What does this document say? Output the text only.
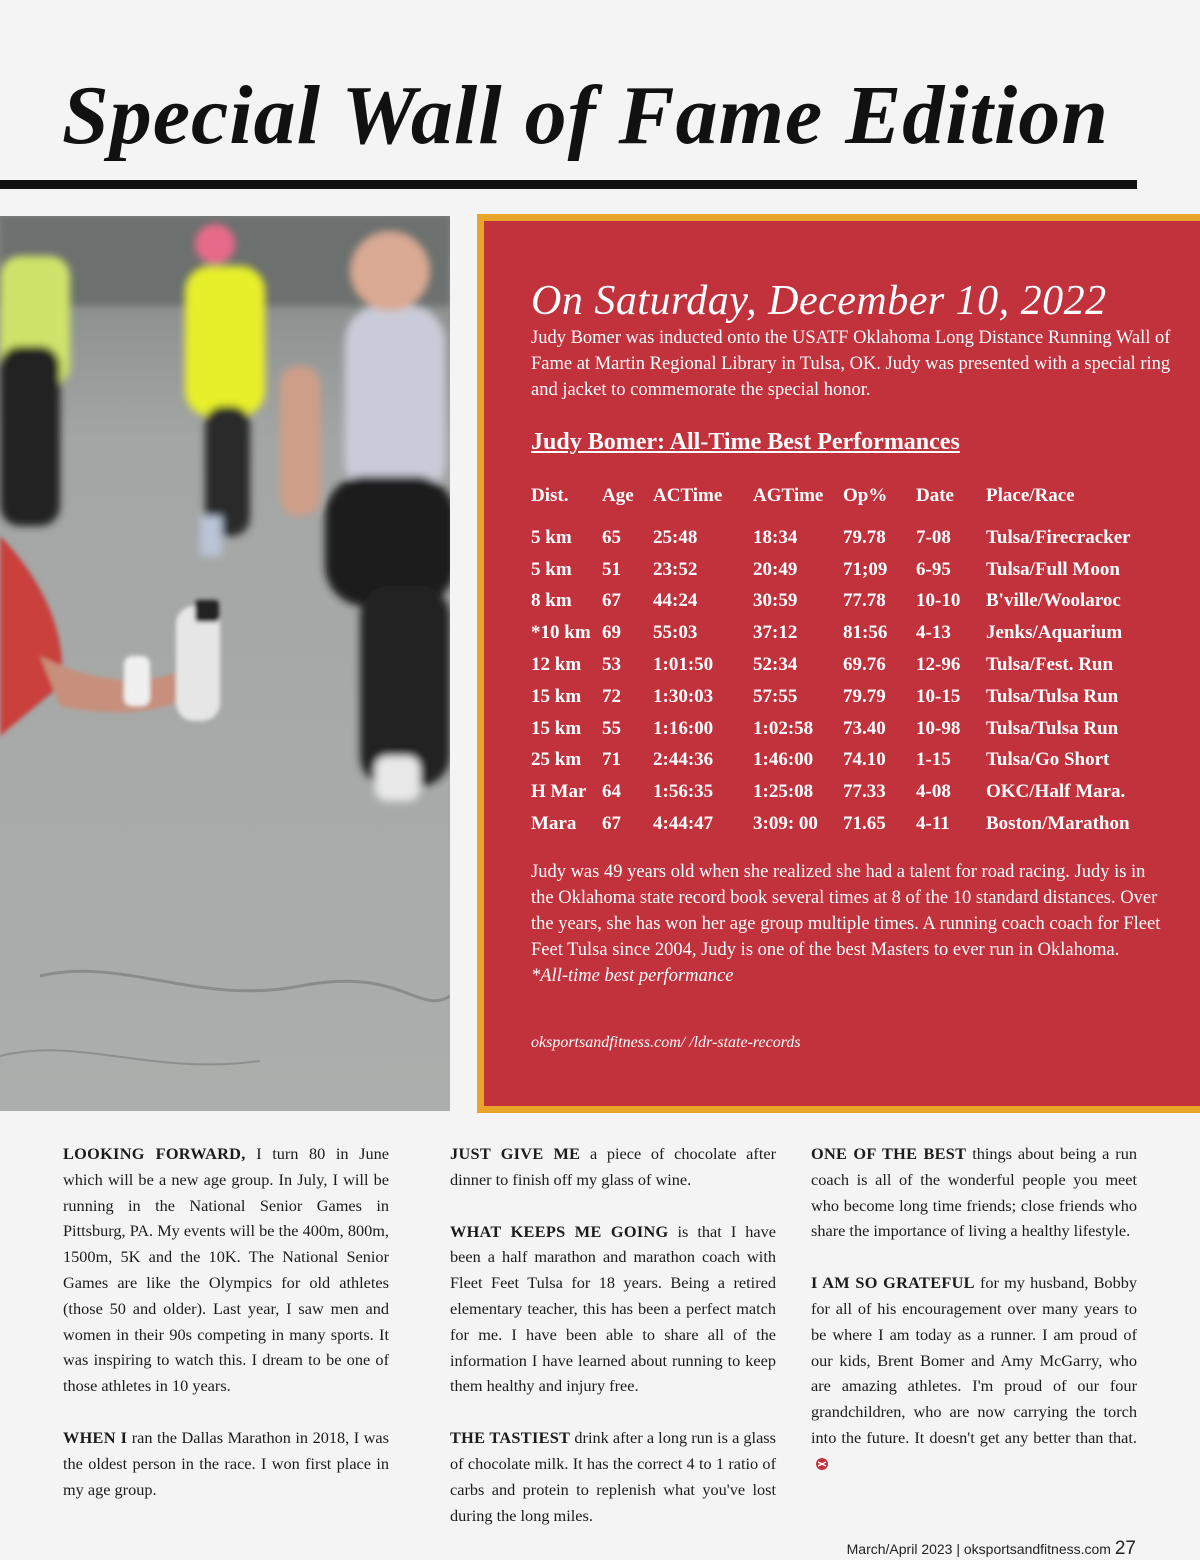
Special Wall of Fame Edition
On Saturday, December 10, 2022
Judy Bomer was inducted onto the USATF Oklahoma Long Distance Running Wall of Fame at Martin Regional Library in Tulsa, OK. Judy was presented with a special ring and jacket to commemorate the special honor.
Judy Bomer: All-Time Best Performances
Dist.	Age	ACTime	AGTime	Op%	Date	Place/Race
5 km	65	25:48	18:34	79.78	7-08	Tulsa/Firecracker
5 km	51	23:52	20:49	71;09	6-95	Tulsa/Full Moon
8 km	67	44:24	30:59	77.78	10-10	B'ville/Woolaroc
*10 km	69	55:03	37:12	81:56	4-13	Jenks/Aquarium
12 km	53	1:01:50	52:34	69.76	12-96	Tulsa/Fest. Run
15 km	72	1:30:03	57:55	79.79	10-15	Tulsa/Tulsa Run
15 km	55	1:16:00	1:02:58	73.40	10-98	Tulsa/Tulsa Run
25 km	71	2:44:36	1:46:00	74.10	1-15	Tulsa/Go Short
H Mar	64	1:56:35	1:25:08	77.33	4-08	OKC/Half Mara.
Mara	67	4:44:47	3:09: 00	71.65	4-11	Boston/Marathon
Judy was 49 years old when she realized she had a talent for road racing. Judy is in the Oklahoma state record book several times at 8 of the 10 standard distances. Over the years, she has won her age group multiple times. A running coach coach for Fleet Feet Tulsa since 2004, Judy is one of the best Masters to ever run in Oklahoma.
*All-time best performance
oksportsandfitness.com/ /ldr-state-records

LOOKING FORWARD, I turn 80 in June which will be a new age group. In July, I will be running in the National Senior Games in Pittsburg, PA. My events will be the 400m, 800m, 1500m, 5K and the 10K. The National Senior Games are like the Olympics for old athletes (those 50 and older). Last year, I saw men and women in their 90s competing in many sports. It was inspiring to watch this. I dream to be one of those athletes in 10 years.

WHEN I ran the Dallas Marathon in 2018, I was the oldest person in the race. I won first place in my age group.

JUST GIVE ME a piece of chocolate after dinner to finish off my glass of wine.

WHAT KEEPS ME GOING is that I have been a half marathon and marathon coach with Fleet Feet Tulsa for 18 years. Being a retired elementary teacher, this has been a perfect match for me. I have been able to share all of the information I have learned about running to keep them healthy and injury free.

THE TASTIEST drink after a long run is a glass of chocolate milk. It has the correct 4 to 1 ratio of carbs and protein to replenish what you've lost during the long miles.

ONE OF THE BEST things about being a run coach is all of the wonderful people you meet who become long time friends; close friends who share the importance of living a healthy lifestyle.

I AM SO GRATEFUL for my husband, Bobby for all of his encouragement over many years to be where I am today as a runner. I am proud of our kids, Brent Bomer and Amy McGarry, who are amazing athletes. I'm proud of our four grandchildren, who are now carrying the torch into the future. It doesn't get any better than that.

March/April 2023 | oksportsandfitness.com 27
